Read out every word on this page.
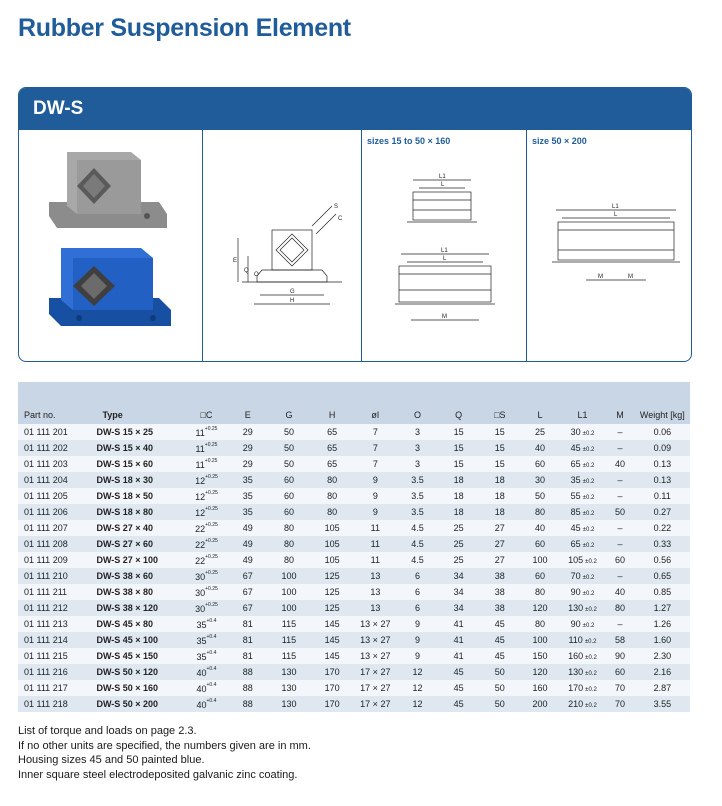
Rubber Suspension Element
DW-S
E
Q
O
G
H
S
C
sizes 15 to 50 × 160
L1
L
L1
L
M
size 50 × 200
L1
L
M	M
Part no.	Type	□C	E	G	H	øI	O	Q	□S	L	L1	M	Weight [kg]
01 111 201	DW-S 15 × 25	$11^{+0.25}$	29	50	65	7	3	15	15	25	30 ±0.2	–	0.06
01 111 202	DW-S 15 × 40	$11^{+0.25}$	29	50	65	7	3	15	15	40	45 ±0.2	–	0.09
01 111 203	DW-S 15 × 60	$11^{+0.25}$	29	50	65	7	3	15	15	60	65 ±0.2	40	0.13
01 111 204	DW-S 18 × 30	$12^{+0.25}$	35	60	80	9	3.5	18	18	30	35 ±0.2	–	0.13
01 111 205	DW-S 18 × 50	$12^{+0.25}$	35	60	80	9	3.5	18	18	50	55 ±0.2	–	0.11
01 111 206	DW-S 18 × 80	$12^{+0.25}$	35	60	80	9	3.5	18	18	80	85 ±0.2	50	0.27
01 111 207	DW-S 27 × 40	$22^{+0.25}$	49	80	105	11	4.5	25	27	40	45 ±0.2	–	0.22
01 111 208	DW-S 27 × 60	$22^{+0.25}$	49	80	105	11	4.5	25	27	60	65 ±0.2	–	0.33
01 111 209	DW-S 27 × 100	$22^{+0.25}$	49	80	105	11	4.5	25	27	100	105 ±0.2	60	0.56
01 111 210	DW-S 38 × 60	$30^{+0.25}$	67	100	125	13	6	34	38	60	70 ±0.2	–	0.65
01 111 211	DW-S 38 × 80	$30^{+0.25}$	67	100	125	13	6	34	38	80	90 ±0.2	40	0.85
01 111 212	DW-S 38 × 120	$30^{+0.25}$	67	100	125	13	6	34	38	120	130 ±0.2	80	1.27
01 111 213	DW-S 45 × 80	$35^{+0.4}$	81	115	145	13 × 27	9	41	45	80	90 ±0.2	–	1.26
01 111 214	DW-S 45 × 100	$35^{+0.4}$	81	115	145	13 × 27	9	41	45	100	110 ±0.2	58	1.60
01 111 215	DW-S 45 × 150	$35^{+0.4}$	81	115	145	13 × 27	9	41	45	150	160 ±0.2	90	2.30
01 111 216	DW-S 50 × 120	$40^{+0.4}$	88	130	170	17 × 27	12	45	50	120	130 ±0.2	60	2.16
01 111 217	DW-S 50 × 160	$40^{+0.4}$	88	130	170	17 × 27	12	45	50	160	170 ±0.2	70	2.87
01 111 218	DW-S 50 × 200	$40^{+0.4}$	88	130	170	17 × 27	12	45	50	200	210 ±0.2	70	3.55
List of torque and loads on page 2.3.
If no other units are specified, the numbers given are in mm.
Housing sizes 45 and 50 painted blue.
Inner square steel electrodeposited galvanic zinc coating.
